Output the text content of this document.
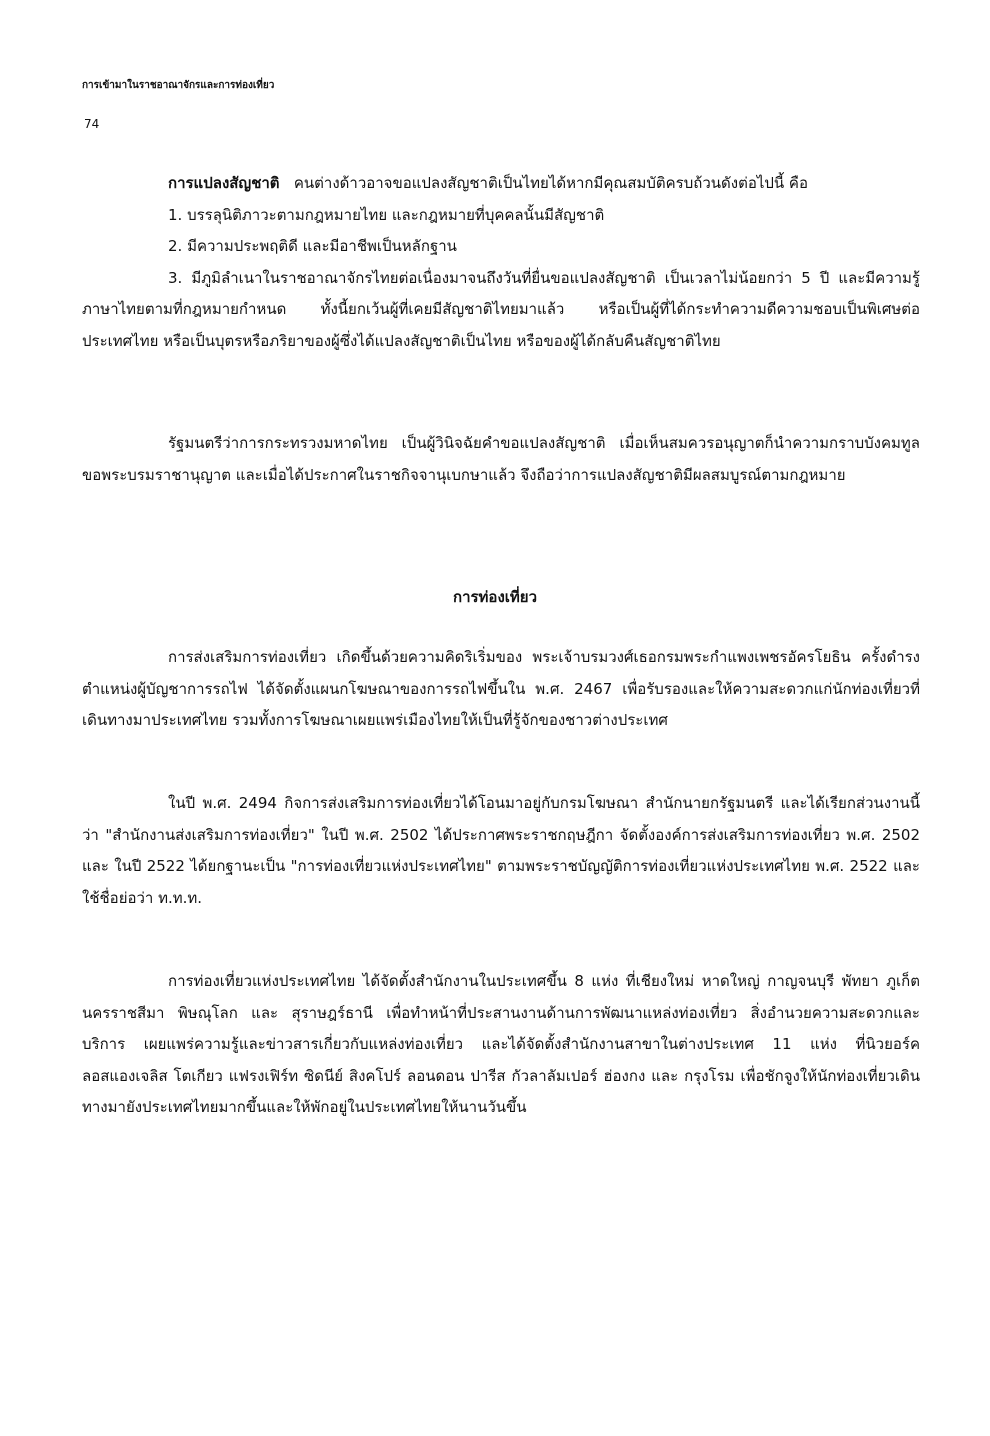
การเข้ามาในราชอาณาจักรและการท่องเที่ยว
74

การแปลงสัญชาติ คนต่างด้าวอาจขอแปลงสัญชาติเป็นไทยได้หากมีคุณสมบัติครบถ้วนดังต่อไปนี้ คือ

1. บรรลุนิติภาวะตามกฎหมายไทย และกฎหมายที่บุคคลนั้นมีสัญชาติ

2. มีความประพฤติดี และมีอาชีพเป็นหลักฐาน

3. มีภูมิลำเนาในราชอาณาจักรไทยต่อเนื่องมาจนถึงวันที่ยื่นขอแปลงสัญชาติ เป็นเวลาไม่น้อยกว่า 5 ปี และมีความรู้ภาษาไทยตามที่กฎหมายกำหนด ทั้งนี้ยกเว้นผู้ที่เคยมีสัญชาติไทยมาแล้ว หรือเป็นผู้ที่ได้กระทำความดีความชอบเป็นพิเศษต่อประเทศไทย หรือเป็นบุตรหรือภริยาของผู้ซึ่งได้แปลงสัญชาติเป็นไทย หรือของผู้ได้กลับคืนสัญชาติไทย

รัฐมนตรีว่าการกระทรวงมหาดไทย เป็นผู้วินิจฉัยคำขอแปลงสัญชาติ เมื่อเห็นสมควรอนุญาตก็นำความกราบบังคมทูลขอพระบรมราชานุญาต และเมื่อได้ประกาศในราชกิจจานุเบกษาแล้ว จึงถือว่าการแปลงสัญชาติมีผลสมบูรณ์ตามกฎหมาย

การท่องเที่ยว

การส่งเสริมการท่องเที่ยว เกิดขึ้นด้วยความคิดริเริ่มของ พระเจ้าบรมวงศ์เธอกรมพระกำแพงเพชรอัครโยธิน ครั้งดำรงตำแหน่งผู้บัญชาการรถไฟ ได้จัดตั้งแผนกโฆษณาของการรถไฟขึ้นใน พ.ศ. 2467 เพื่อรับรองและให้ความสะดวกแก่นักท่องเที่ยวที่เดินทางมาประเทศไทย รวมทั้งการโฆษณาเผยแพร่เมืองไทยให้เป็นที่รู้จักของชาวต่างประเทศ

ในปี พ.ศ. 2494 กิจการส่งเสริมการท่องเที่ยวได้โอนมาอยู่กับกรมโฆษณา สำนักนายกรัฐมนตรี และได้เรียกส่วนงานนี้ว่า "สำนักงานส่งเสริมการท่องเที่ยว" ในปี พ.ศ. 2502 ได้ประกาศพระราชกฤษฎีกา จัดตั้งองค์การส่งเสริมการท่องเที่ยว พ.ศ. 2502 และ ในปี 2522 ได้ยกฐานะเป็น "การท่องเที่ยวแห่งประเทศไทย" ตามพระราชบัญญัติการท่องเที่ยวแห่งประเทศไทย พ.ศ. 2522 และใช้ชื่อย่อว่า ท.ท.ท.

การท่องเที่ยวแห่งประเทศไทย ได้จัดตั้งสำนักงานในประเทศขึ้น 8 แห่ง ที่เชียงใหม่ หาดใหญ่ กาญจนบุรี พัทยา ภูเก็ต นครราชสีมา พิษณุโลก และ สุราษฎร์ธานี เพื่อทำหน้าที่ประสานงานด้านการพัฒนาแหล่งท่องเที่ยว สิ่งอำนวยความสะดวกและบริการ เผยแพร่ความรู้และข่าวสารเกี่ยวกับแหล่งท่องเที่ยว และได้จัดตั้งสำนักงานสาขาในต่างประเทศ 11 แห่ง ที่นิวยอร์ค ลอสแองเจลิส โตเกียว แฟรงเฟิร์ท ซิดนีย์ สิงคโปร์ ลอนดอน ปารีส กัวลาลัมเปอร์ ฮ่องกง และ กรุงโรม เพื่อชักจูงให้นักท่องเที่ยวเดินทางมายังประเทศไทยมากขึ้นและให้พักอยู่ในประเทศไทยให้นานวันขึ้น
